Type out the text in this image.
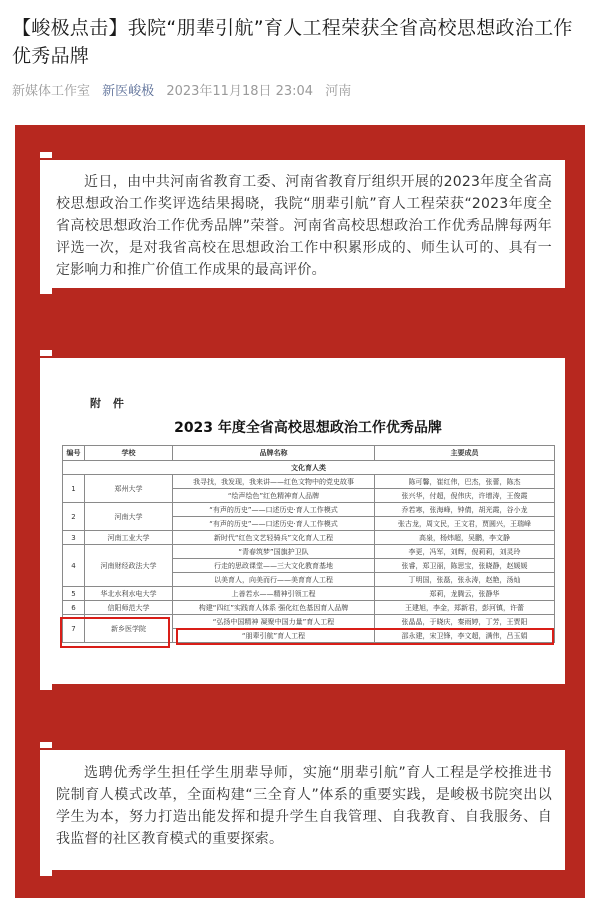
【峻极点击】我院“朋辈引航”育人工程荣获全省高校思想政治工作优秀品牌
新媒体工作室 新医峻极 2023年11月18日 23:04 河南
近日，由中共河南省教育工委、河南省教育厅组织开展的2023年度全省高校思想政治工作奖评选结果揭晓，我院“朋辈引航”育人工程荣获“2023年度全省高校思想政治工作优秀品牌”荣誉。河南省高校思想政治工作优秀品牌每两年评选一次，是对我省高校在思想政治工作中积累形成的、师生认可的、具有一定影响力和推广价值工作成果的最高评价。
附 件
2023 年度全省高校思想政治工作优秀品牌
编号	学校	品牌名称	主要成员
文化育人类			
1	郑州大学	我寻找，我发现，我来讲——红色文物中的党史故事	陈可馨，崔红伟，巴杰，张蕾，陈杰
		“绘声绘色”红色精神育人品牌	张兴华，付超，倪伟庆，许增涛，王俊霞
2	河南大学	“有声的历史”——口述历史·育人工作模式	乔若寒，张海峰，钟倩，胡光霞，谷小龙
		“有声的历史”——口述历史·育人工作模式	张古龙，周文民，王文君，贾圆兴，王瑞峰
3	河南工业大学	新时代“红色文艺轻骑兵”文化育人工程	高泉，杨炜超，吴鹏，李文静
4	河南财经政法大学	“青春筑梦”国旗护卫队	李更，冯军，刘辉，倪莉莉，刘灵玲
		行走的思政课堂——三大文化教育基地	张睿，郑卫丽，陈思宝，张晓静，赵媛媛
		以美育人，向美而行——美育育人工程	丁明国，张磊，张永涛，赵艳，汤灿
5	华北水利水电大学	上善若水——精神引领工程	郑莉，龙腾云，张静华
6	信阳师范大学	构建“四红”实践育人体系 强化红色基因育人品牌	王建旭，李金，郑新君，彭河镇，许蕾
7	新乡医学院	“弘扬中国精神 凝聚中国力量”育人工程	张晶晶，于晓庆，秦雨婷，丁芳，王贾阳
		“朋辈引航”育人工程	邵永建，宋卫锋，李文超，满伟，吕玉娟
选聘优秀学生担任学生朋辈导师，实施“朋辈引航”育人工程是学校推进书院制育人模式改革，全面构建“三全育人”体系的重要实践，是峻极书院突出以学生为本，努力打造出能发挥和提升学生自我管理、自我教育、自我服务、自我监督的社区教育模式的重要探索。
